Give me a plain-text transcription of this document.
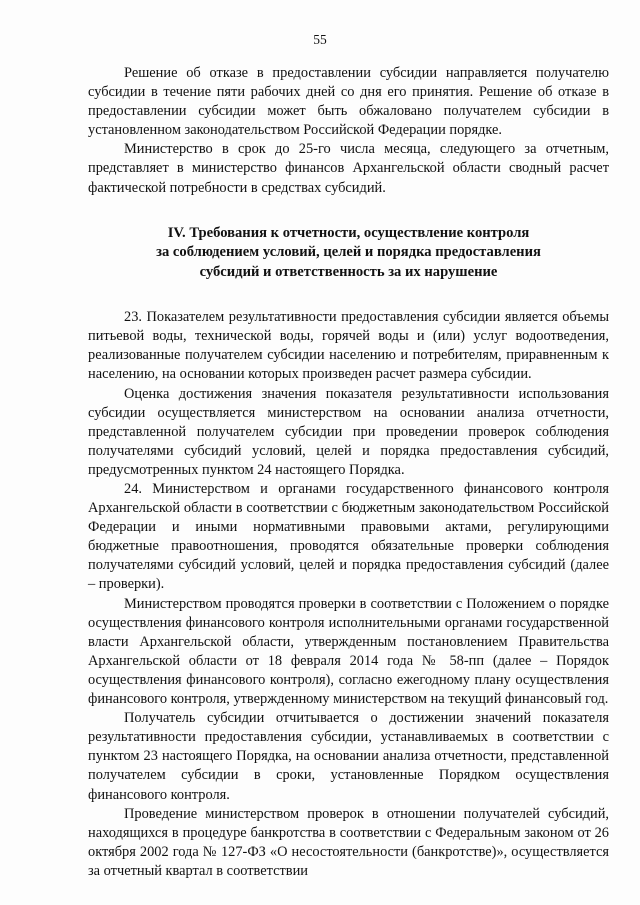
55

Решение об отказе в предоставлении субсидии направляется получателю субсидии в течение пяти рабочих дней со дня его принятия. Решение об отказе в предоставлении субсидии может быть обжаловано получателем субсидии в установленном законодательством Российской Федерации порядке.

Министерство в срок до 25-го числа месяца, следующего за отчетным, представляет в министерство финансов Архангельской области сводный расчет фактической потребности в средствах субсидий.

IV. Требования к отчетности, осуществление контроля
за соблюдением условий, целей и порядка предоставления
субсидий и ответственность за их нарушение

23. Показателем результативности предоставления субсидии является объемы питьевой воды, технической воды, горячей воды и (или) услуг водоотведения, реализованные получателем субсидии населению и потребителям, приравненным к населению, на основании которых произведен расчет размера субсидии.

Оценка достижения значения показателя результативности использования субсидии осуществляется министерством на основании анализа отчетности, представленной получателем субсидии при проведении проверок соблюдения получателями субсидий условий, целей и порядка предоставления субсидий, предусмотренных пунктом 24 настоящего Порядка.

24. Министерством и органами государственного финансового контроля Архангельской области в соответствии с бюджетным законодательством Российской Федерации и иными нормативными правовыми актами, регулирующими бюджетные правоотношения, проводятся обязательные проверки соблюдения получателями субсидий условий, целей и порядка предоставления субсидий (далее – проверки).

Министерством проводятся проверки в соответствии с Положением о порядке осуществления финансового контроля исполнительными органами государственной власти Архангельской области, утвержденным постановлением Правительства Архангельской области от 18 февраля 2014 года № 58-пп (далее – Порядок осуществления финансового контроля), согласно ежегодному плану осуществления финансового контроля, утвержденному министерством на текущий финансовый год.

Получатель субсидии отчитывается о достижении значений показателя результативности предоставления субсидии, устанавливаемых в соответствии с пунктом 23 настоящего Порядка, на основании анализа отчетности, представленной получателем субсидии в сроки, установленные Порядком осуществления финансового контроля.

Проведение министерством проверок в отношении получателей субсидий, находящихся в процедуре банкротства в соответствии с Федеральным законом от 26 октября 2002 года № 127-ФЗ «О несостоятельности (банкротстве)», осуществляется за отчетный квартал в соответствии
